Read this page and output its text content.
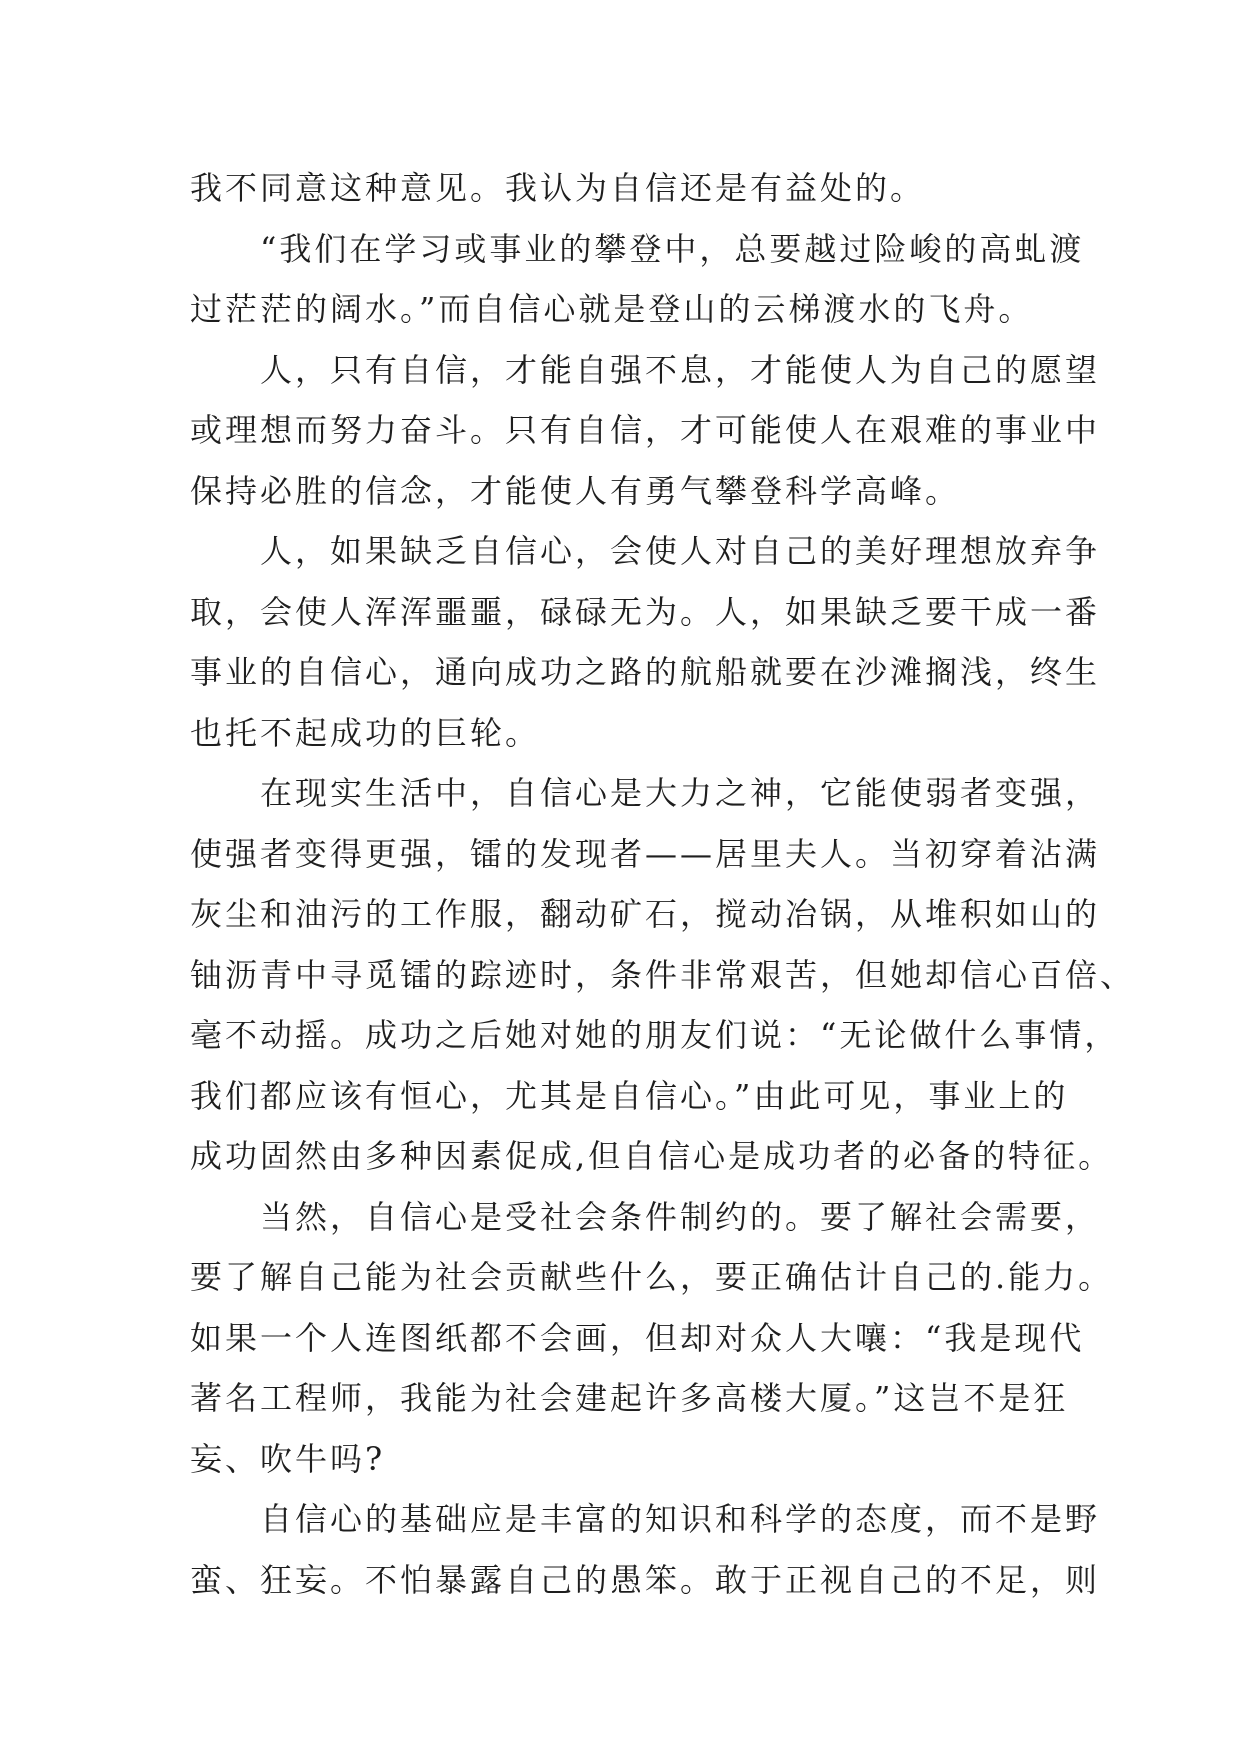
我不同意这种意见。我认为自信还是有益处的。

“我们在学习或事业的攀登中，总要越过险峻的高虬渡
过茫茫的阔水。”而自信心就是登山的云梯渡水的飞舟。

人，只有自信，才能自强不息，才能使人为自己的愿望
或理想而努力奋斗。只有自信，才可能使人在艰难的事业中
保持必胜的信念，才能使人有勇气攀登科学高峰。

人，如果缺乏自信心，会使人对自己的美好理想放弃争
取，会使人浑浑噩噩，碌碌无为。人，如果缺乏要干成一番
事业的自信心，通向成功之路的航船就要在沙滩搁浅，终生
也托不起成功的巨轮。

在现实生活中，自信心是大力之神，它能使弱者变强，
使强者变得更强，镭的发现者——居里夫人。当初穿着沾满
灰尘和油污的工作服，翻动矿石，搅动冶锅，从堆积如山的
铀沥青中寻觅镭的踪迹时，条件非常艰苦，但她却信心百倍、
毫不动摇。成功之后她对她的朋友们说：“无论做什么事情，
我们都应该有恒心，尤其是自信心。”由此可见，事业上的
成功固然由多种因素促成,但自信心是成功者的必备的特征。

当然，自信心是受社会条件制约的。要了解社会需要，
要了解自己能为社会贡献些什么，要正确估计自己的.能力。
如果一个人连图纸都不会画，但却对众人大嚷：“我是现代
著名工程师，我能为社会建起许多高楼大厦。”这岂不是狂
妄、吹牛吗?

自信心的基础应是丰富的知识和科学的态度，而不是野
蛮、狂妄。不怕暴露自己的愚笨。敢于正视自己的不足，则
